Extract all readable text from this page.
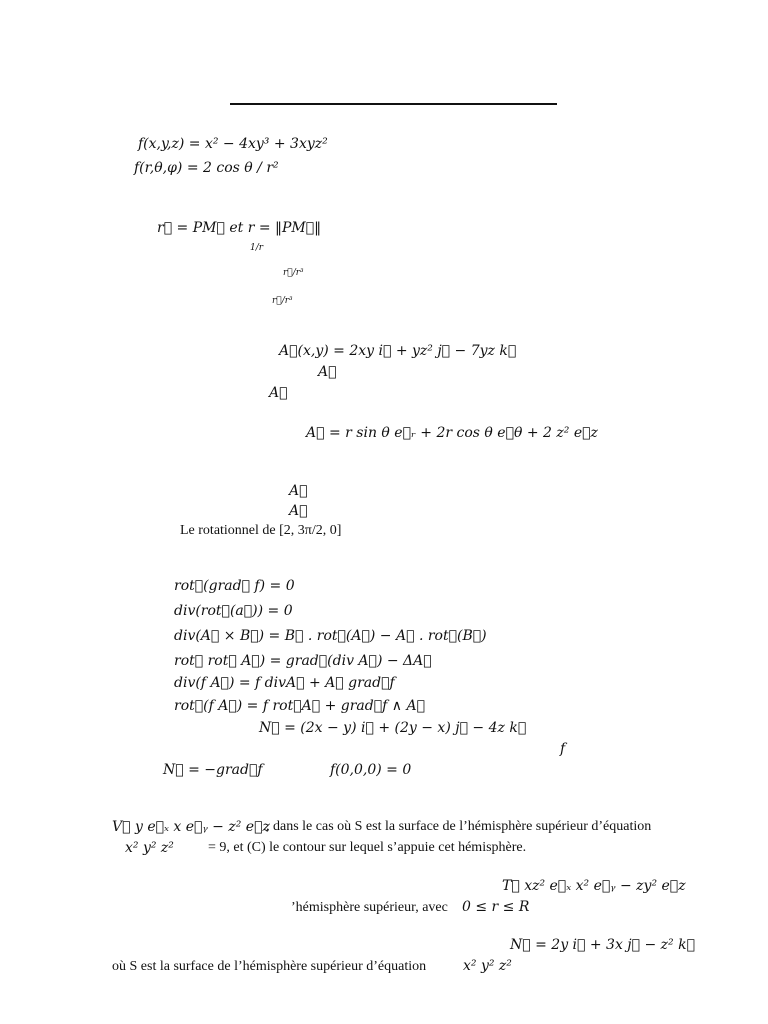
f(x,y,z) = x² − 4xy³ + 3xyz²
f(r,θ,φ) = 2 cos θ / r²
r⃗ = PM⃗ et r = ‖PM⃗‖
1/r
r⃗/r³
r⃗/r³
A⃗(x,y) = 2xy i⃗ + yz² j⃗ − 7yz k⃗
A⃗
A⃗
A⃗ = r sin θ e⃗ᵣ + 2r cos θ e⃗θ + 2 z² e⃗z
A⃗
A⃗
Le rotationnel de [2, 3π/2, 0]
rot⃗(grad⃗ f) = 0
div(rot⃗(a⃗)) = 0
div(A⃗ × B⃗) = B⃗ . rot⃗(A⃗) − A⃗ . rot⃗(B⃗)
rot⃗ rot⃗ A⃗) = grad⃗(div A⃗) − ΔA⃗
div(f A⃗) = f divA⃗ + A⃗ grad⃗f
rot⃗(f A⃗) = f rot⃗A⃗ + grad⃗f ∧ A⃗
N⃗ = (2x − y) i⃗ + (2y − x) j⃗ − 4z k⃗
f
N⃗ = −grad⃗f	f(0,0,0) = 0
V⃗ y e⃗ₓ x e⃗ᵧ − z² e⃗z
, dans le cas où S est la surface de l’hémisphère supérieur d’équation
x² y² z² = 9, et (C) le contour sur lequel s’appuie cet hémisphère.
T⃗ xz² e⃗ₓ x² e⃗ᵧ − zy² e⃗z
’hémisphère supérieur, avec 0 ≤ r ≤ R
N⃗ = 2y i⃗ + 3x j⃗ − z² k⃗
où S est la surface de l’hémisphère supérieur d’équation	x² y² z²
